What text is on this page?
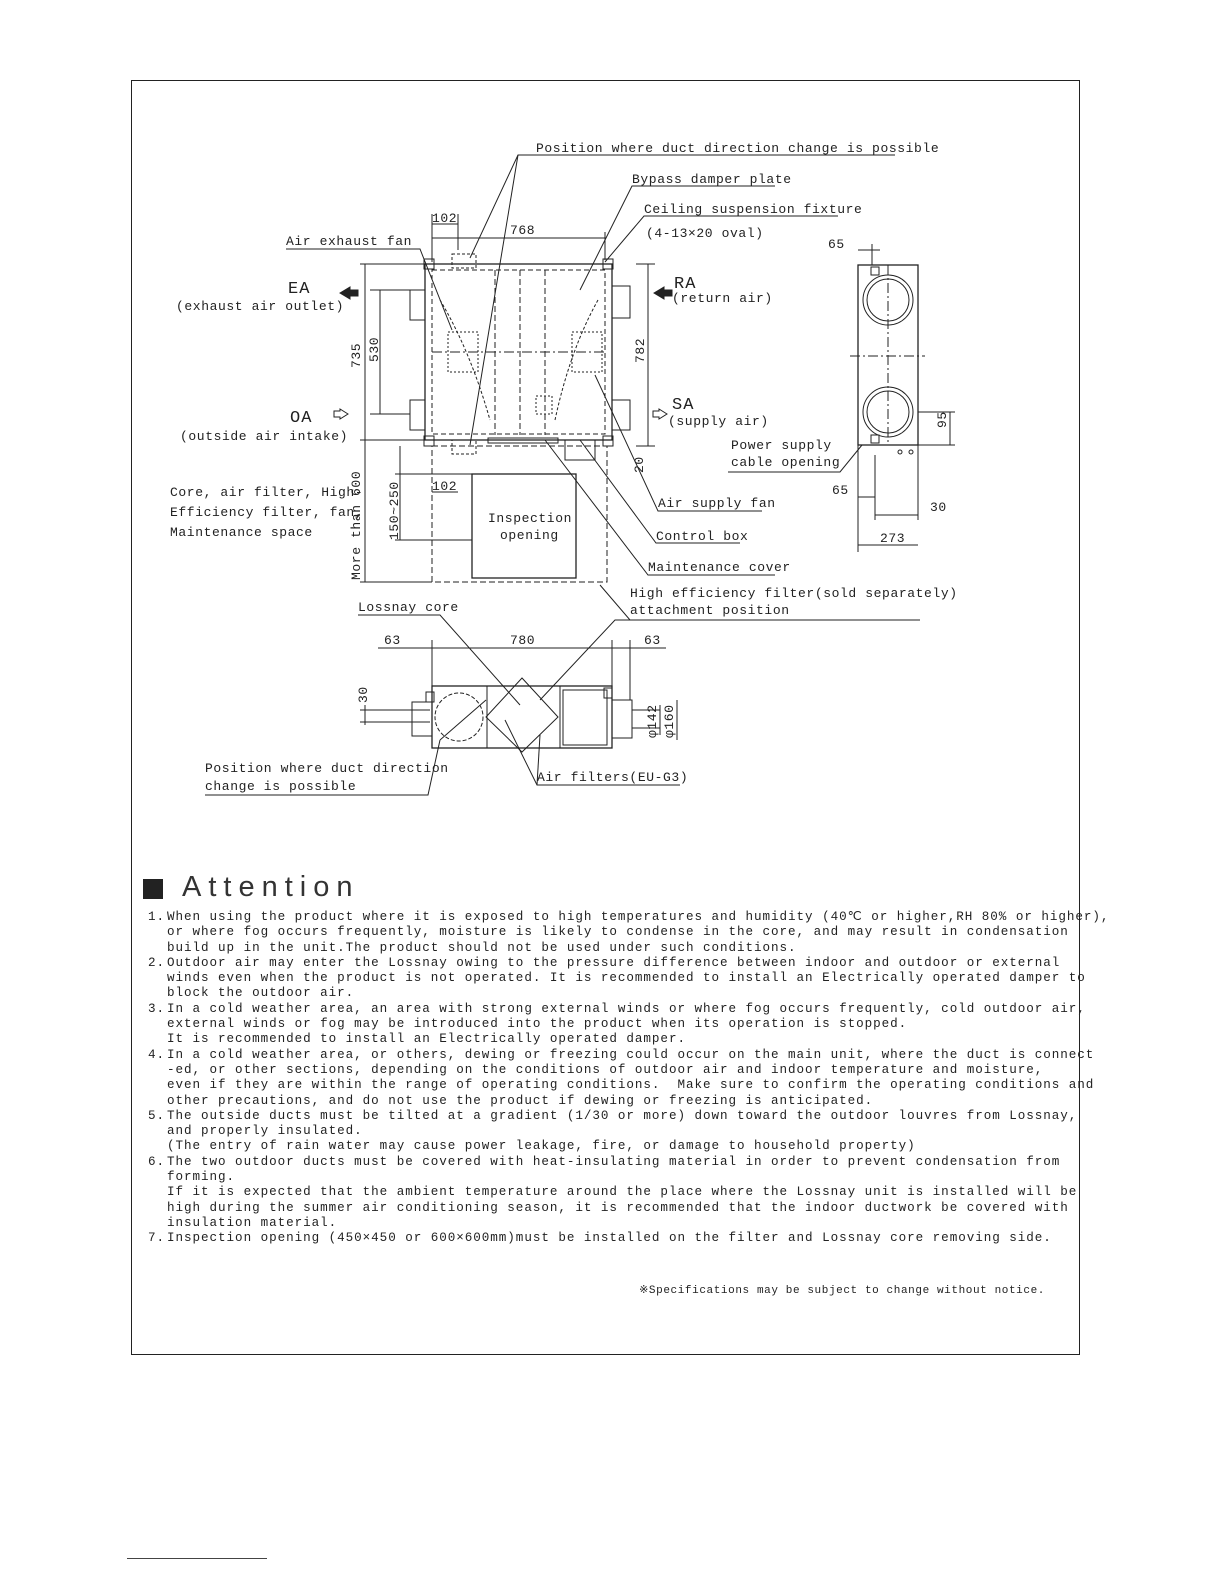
Position where duct direction change is possible
Bypass damper plate
Ceiling suspension fixture
(4-13×20 oval)
Air exhaust fan
EA
(exhaust air outlet)
RA
(return air)
OA
(outside air intake)
SA
(supply air)
Core, air filter, High-
Efficiency filter, fan,
Maintenance space
Inspection
opening
Air supply fan
Control box
Maintenance cover
High efficiency filter(sold separately)
attachment position
Lossnay core
Position where duct direction
change is possible
Air filters(EU-G3)
Power supply
cable opening
102
768
735 530	782
More than 600 150~250 102
20
63	780	63
30
φ142 φ160
65
95
65
30
273
Attention
1. When using the product where it is exposed to high temperatures and humidity (40℃ or higher,RH 80% or higher),
or where fog occurs frequently, moisture is likely to condense in the core, and may result in condensation
build up in the unit.The product should not be used under such conditions.
2. Outdoor air may enter the Lossnay owing to the pressure difference between indoor and outdoor or external
winds even when the product is not operated. It is recommended to install an Electrically operated damper to
block the outdoor air.
3. In a cold weather area, an area with strong external winds or where fog occurs frequently, cold outdoor air,
external winds or fog may be introduced into the product when its operation is stopped.
It is recommended to install an Electrically operated damper.
4. In a cold weather area, or others, dewing or freezing could occur on the main unit, where the duct is connect
-ed, or other sections, depending on the conditions of outdoor air and indoor temperature and moisture,
even if they are within the range of operating conditions.  Make sure to confirm the operating conditions and
other precautions, and do not use the product if dewing or freezing is anticipated.
5. The outside ducts must be tilted at a gradient (1/30 or more) down toward the outdoor louvres from Lossnay,
and properly insulated.
(The entry of rain water may cause power leakage, fire, or damage to household property)
6. The two outdoor ducts must be covered with heat-insulating material in order to prevent condensation from
forming.
If it is expected that the ambient temperature around the place where the Lossnay unit is installed will be
high during the summer air conditioning season, it is recommended that the indoor ductwork be covered with
insulation material.
7. Inspection opening (450×450 or 600×600mm)must be installed on the filter and Lossnay core removing side.
※Specifications may be subject to change without notice.
